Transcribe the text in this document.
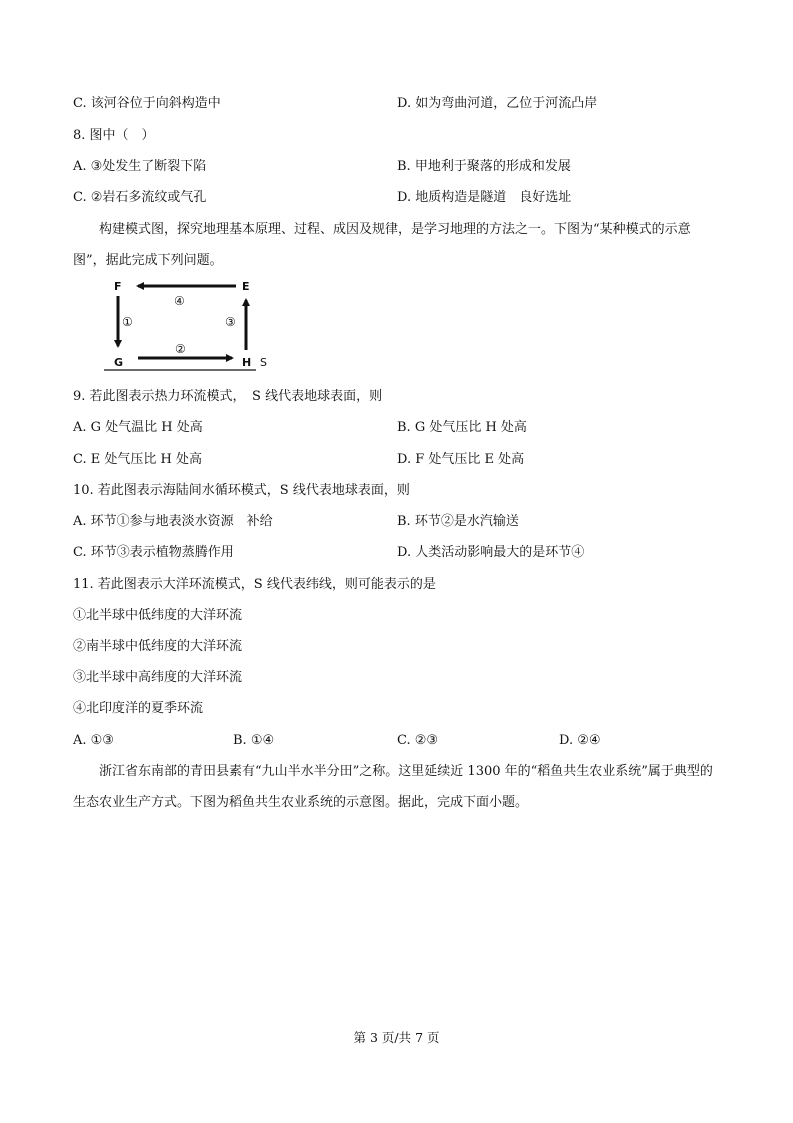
C. 该河谷位于向斜构造中	D. 如为弯曲河道，乙位于河流凸岸
8. 图中（　）
A. ③处发生了断裂下陷	B. 甲地利于聚落的形成和发展
C. ②岩石多流纹或气孔	D. 地质构造是隧道　良好选址
构建模式图，探究地理基本原理、过程、成因及规律，是学习地理的方法之一。下图为“某种模式的示意图”，据此完成下列问题。
F	E
G	H S
④
①
②
③
9. 若此图表示热力环流模式，　S 线代表地球表面，则
A. G 处气温比 H 处高	B. G 处气压比 H 处高
C. E 处气压比 H 处高	D. F 处气压比 E 处高
10. 若此图表示海陆间水循环模式，S 线代表地球表面，则
A. 环节①参与地表淡水资源　补给	B. 环节②是水汽输送
C. 环节③表示植物蒸腾作用	D. 人类活动影响最大的是环节④
11. 若此图表示大洋环流模式，S 线代表纬线，则可能表示的是
①北半球中低纬度的大洋环流
②南半球中低纬度的大洋环流
③北半球中高纬度的大洋环流
④北印度洋的夏季环流
A. ①③	B. ①④	C. ②③	D. ②④
浙江省东南部的青田县素有“九山半水半分田”之称。这里延续近 1300 年的“稻鱼共生农业系统”属于典型的生态农业生产方式。下图为稻鱼共生农业系统的示意图。据此，完成下面小题。
第 3 页/共 7 页
